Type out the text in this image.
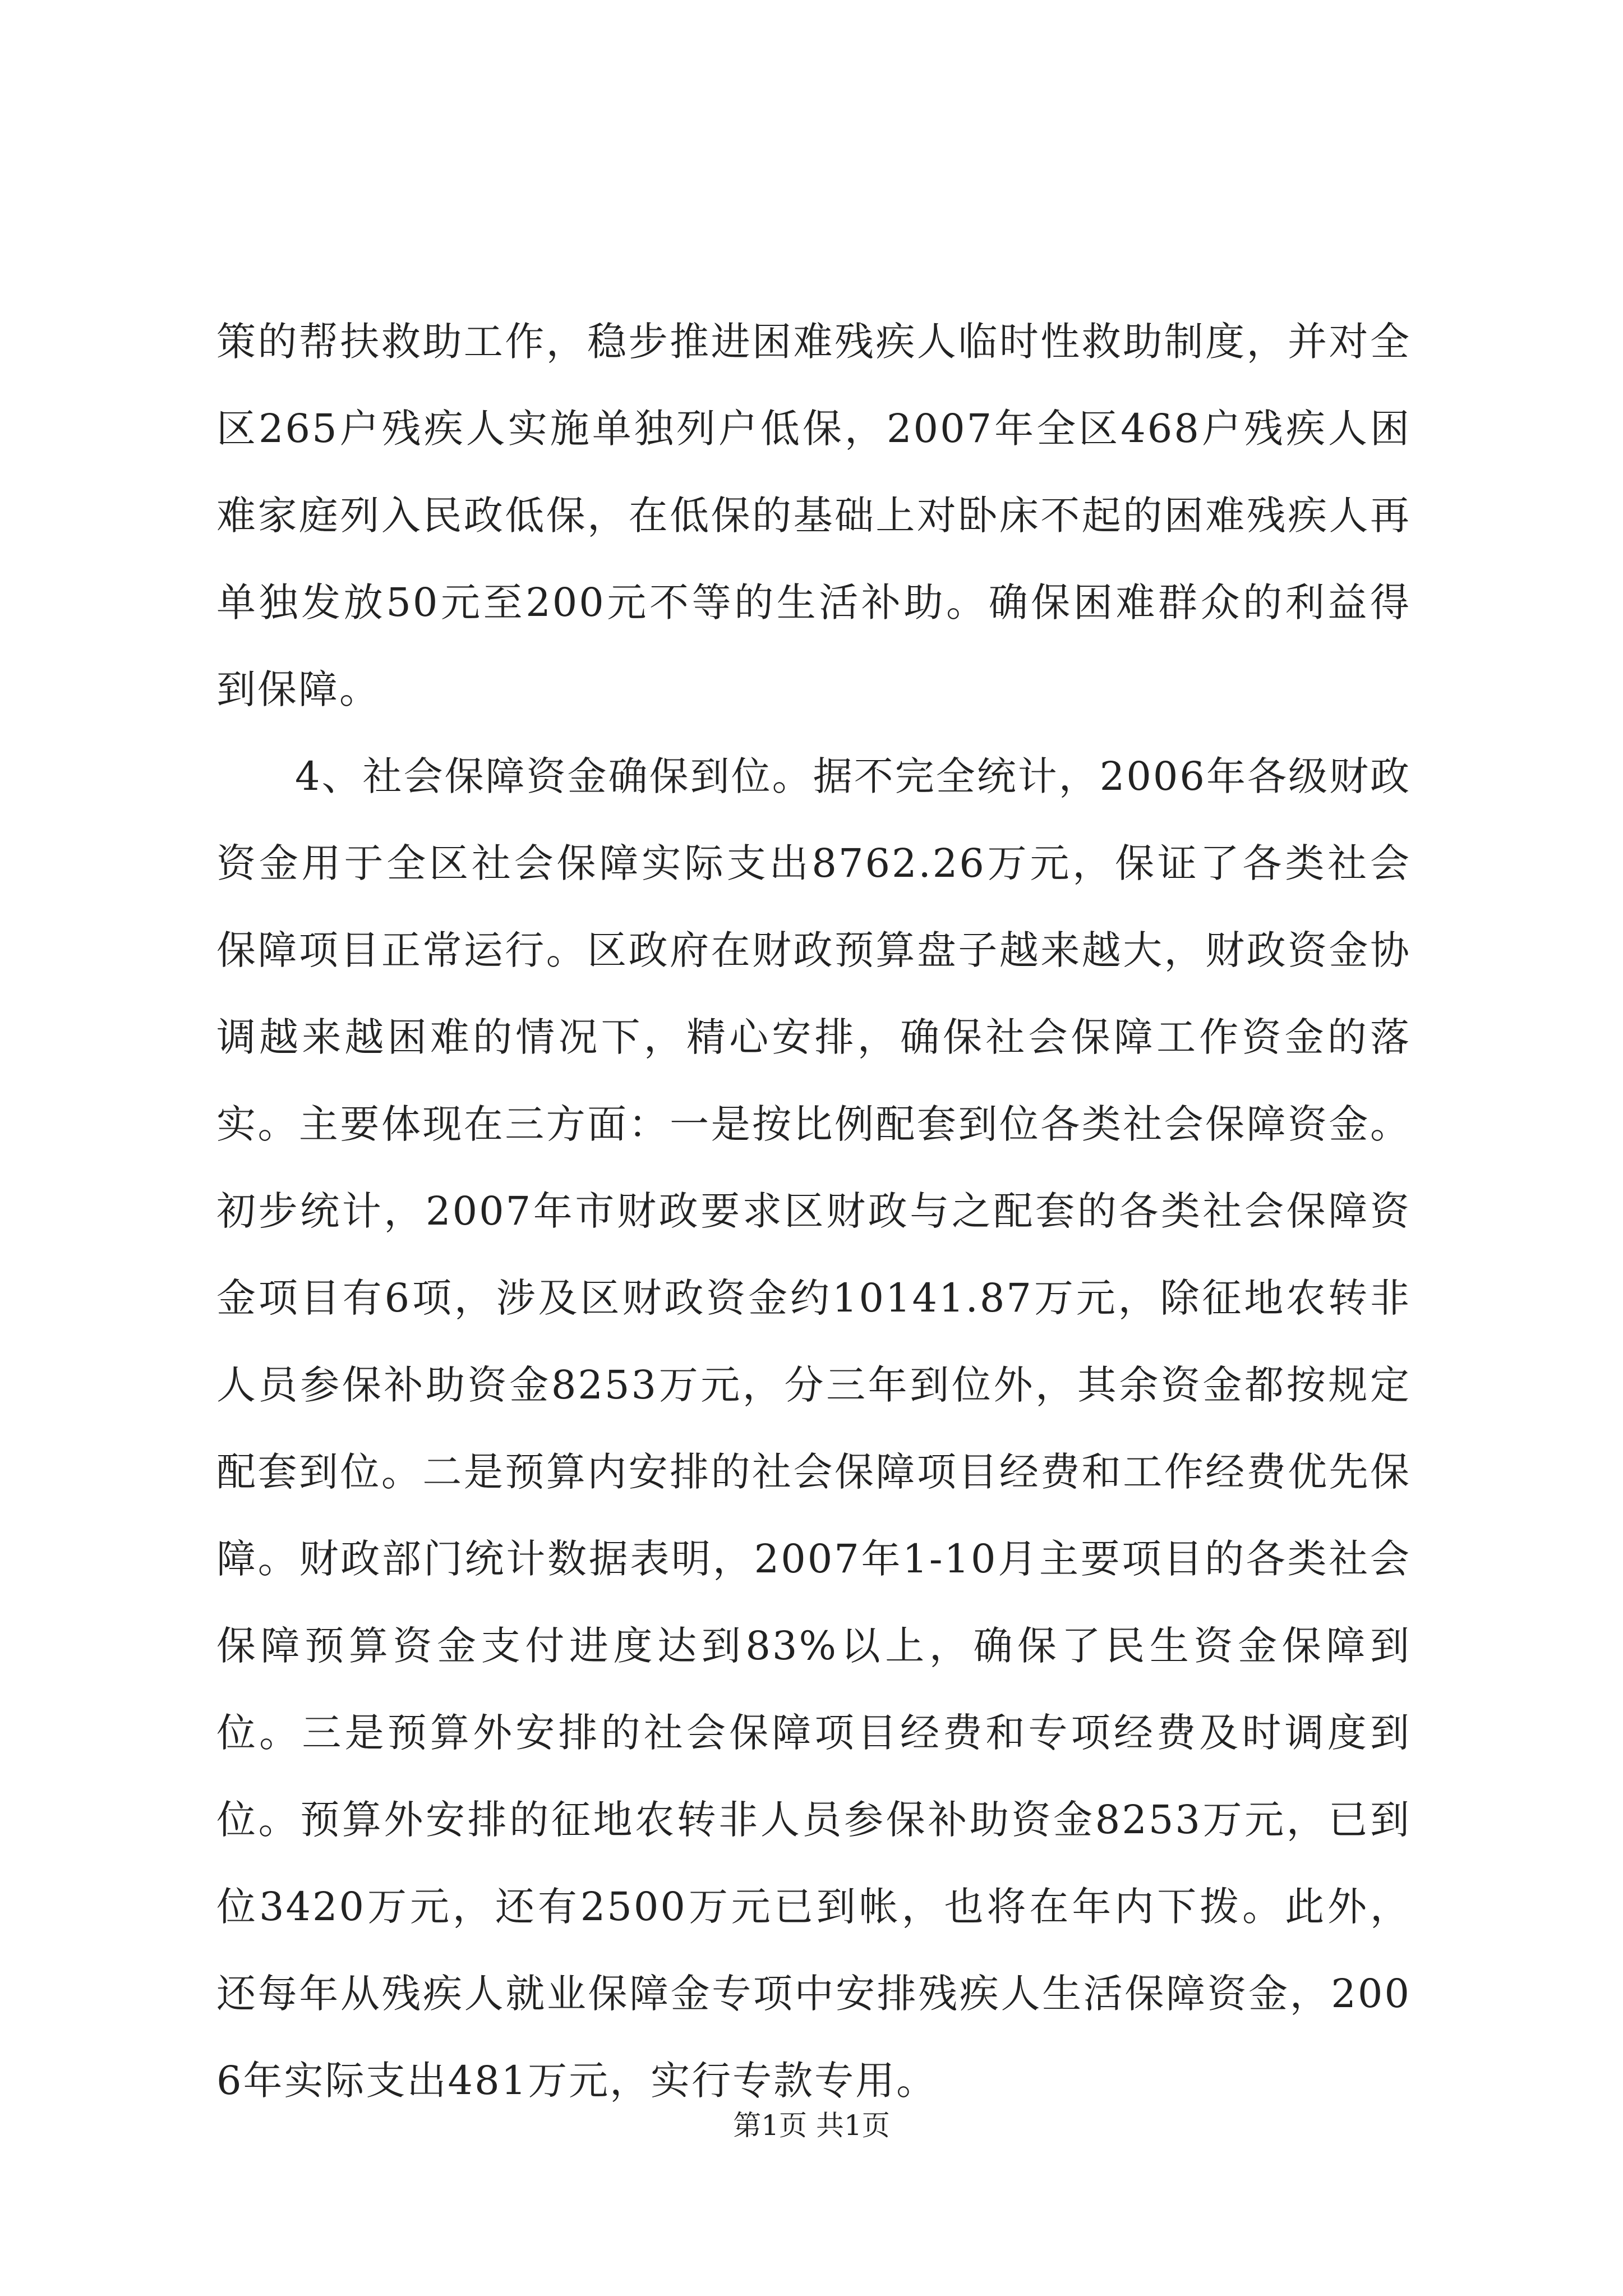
策的帮扶救助工作，稳步推进困难残疾人临时性救助制度，并对全区265户残疾人实施单独列户低保，2007年全区468户残疾人困难家庭列入民政低保，在低保的基础上对卧床不起的困难残疾人再单独发放50元至200元不等的生活补助。确保困难群众的利益得到保障。

4、社会保障资金确保到位。据不完全统计，2006年各级财政资金用于全区社会保障实际支出8762.26万元，保证了各类社会保障项目正常运行。区政府在财政预算盘子越来越大，财政资金协调越来越困难的情况下，精心安排，确保社会保障工作资金的落实。主要体现在三方面：一是按比例配套到位各类社会保障资金。初步统计，2007年市财政要求区财政与之配套的各类社会保障资金项目有6项，涉及区财政资金约10141.87万元，除征地农转非人员参保补助资金8253万元，分三年到位外，其余资金都按规定配套到位。二是预算内安排的社会保障项目经费和工作经费优先保障。财政部门统计数据表明，2007年1-10月主要项目的各类社会保障预算资金支付进度达到83%以上，确保了民生资金保障到位。三是预算外安排的社会保障项目经费和专项经费及时调度到位。预算外安排的征地农转非人员参保补助资金8253万元，已到位3420万元，还有2500万元已到帐，也将在年内下拨。此外，还每年从残疾人就业保障金专项中安排残疾人生活保障资金，2006年实际支出481万元，实行专款专用。

第1页 共1页
